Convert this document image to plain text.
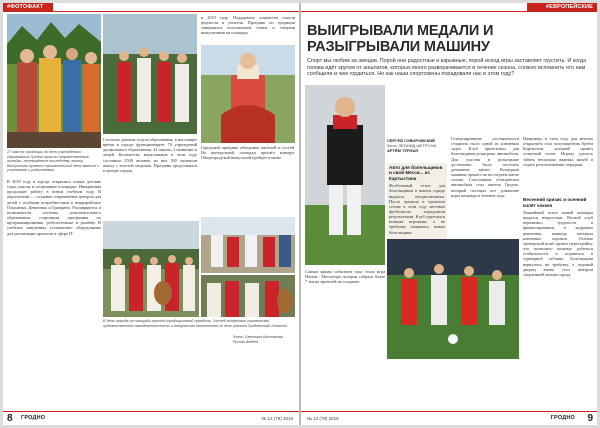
#ФОТОФАКТ
в 2019 году. Поддержать лицеистов смогли родители и учителя. Праздник по традиции завершился исполнением гимна и танцами выпускников на площади.
27 мая по традиции во всех учреждениях образования Гродно прошли торжественные линейки, посвящённые последнему звонку. Выпускники провели трогательный день вместе с учителями и родителями.
В 2018 году в городе открылись новые детские сады, школы и спортивные площадки. Инициатива продолжит работу в новом учебном году. В перспективе — создание современных центров для детей с особыми потребностями в микрорайонах Ольшанка, Девятовка и Грандичи. Расширяются и возможности системы дополнительного образования: стартовали программы по программированию, робототехнике и дизайну. В учебных заведениях установлено оборудование для реализации проектов в сфере IT.
Согласно данным отдела образования, в настоящее время в городе функционирует 70 учреждений дошкольного образования, 43 школы, 2 гимназии и лицей. Количество выпускников в этом году составило 2500 человек, из них 300 окончили школу с золотой медалью. Праздник продолжился в центре города.
Городской праздник объединил жителей и гостей. На центральной площади прошёл концерт. Общегородской выпускной пройдёт в июне.
В день города на площади прошёл традиционный праздник. Гостей встречали коллективы художественной самодеятельности и творческие коллективы со всех уголков Гродненской области.
Фото: Светлана Шестакова, Руслан Авдеев
8 ГРОДНО	№ 12 (78) 2019
#ЕВРОПЕЙСКИЕ ИГРЫ
ВЫИГРЫВАЛИ МЕДАЛИ И РАЗЫГРЫВАЛИ МАШИНУ
Спорт мы любим за эмоции. Порой они радостные и взрывные, порой исход игры заставляет грустить. И когда голова идёт кругом от аншлагов, которых много разворачивается в течение сезона, сложно вспомнить что нам сообщили и чем гордиться. Но как наши спортсмены порадовали нас в этом году?
СЕРГЕЙ СУВОРОВСКИЙ
Фото: ЛЕОНИД ШЕПТУНА
АРТЁМ ТУРЛАЯ
Авто для болельщиков и свой Месси... из Картыстина
Футбольный сезон для болельщиков в нашем городе выдался неоднозначным. После провала в прошлом сезоне в этом году местные футболисты порадовали результатами. Клуб укрепился новыми игроками, а на трибунах появились новые болельщики.
Стимулирование посещаемости стадиона стало одной из ключевых задач. Клуб приготовил для болельщиков розыгрыш автомобиля. Для участия в розыгрыше достаточно было посетить домашние матчи. Розыгрыш машины прошёл на последнем матче сезона. Счастливым обладателем автомобиля стал житель Гродно, который посещал все домашние игры команды в течение года.
Например, в этом году для многих открытием стал полузащитник Артём Картыстин, который провёл отличный сезон. Игроку удалось забить несколько важных мячей и отдать результативные передачи.
Весенний кризис и осенний взлёт хоккея
Хоккейный сезон нашей команды выдался непростым. Весной клуб переживал трудности в финансировании и кадровых решениях, команда потеряла ключевых игроков. Осенью тренерский штаб провёл перестройку, что позволило команде добиться стабильности и подняться в турнирной таблице. Болельщики вернулись на трибуны, а ледовый дворец вновь стал центром спортивной жизни города.
Самым ярким событием года стала игра Неман - Металлург, которая собрала более 7 тысяч зрителей на стадионе.
№ 12 (78) 2019	ГРОДНО 9
